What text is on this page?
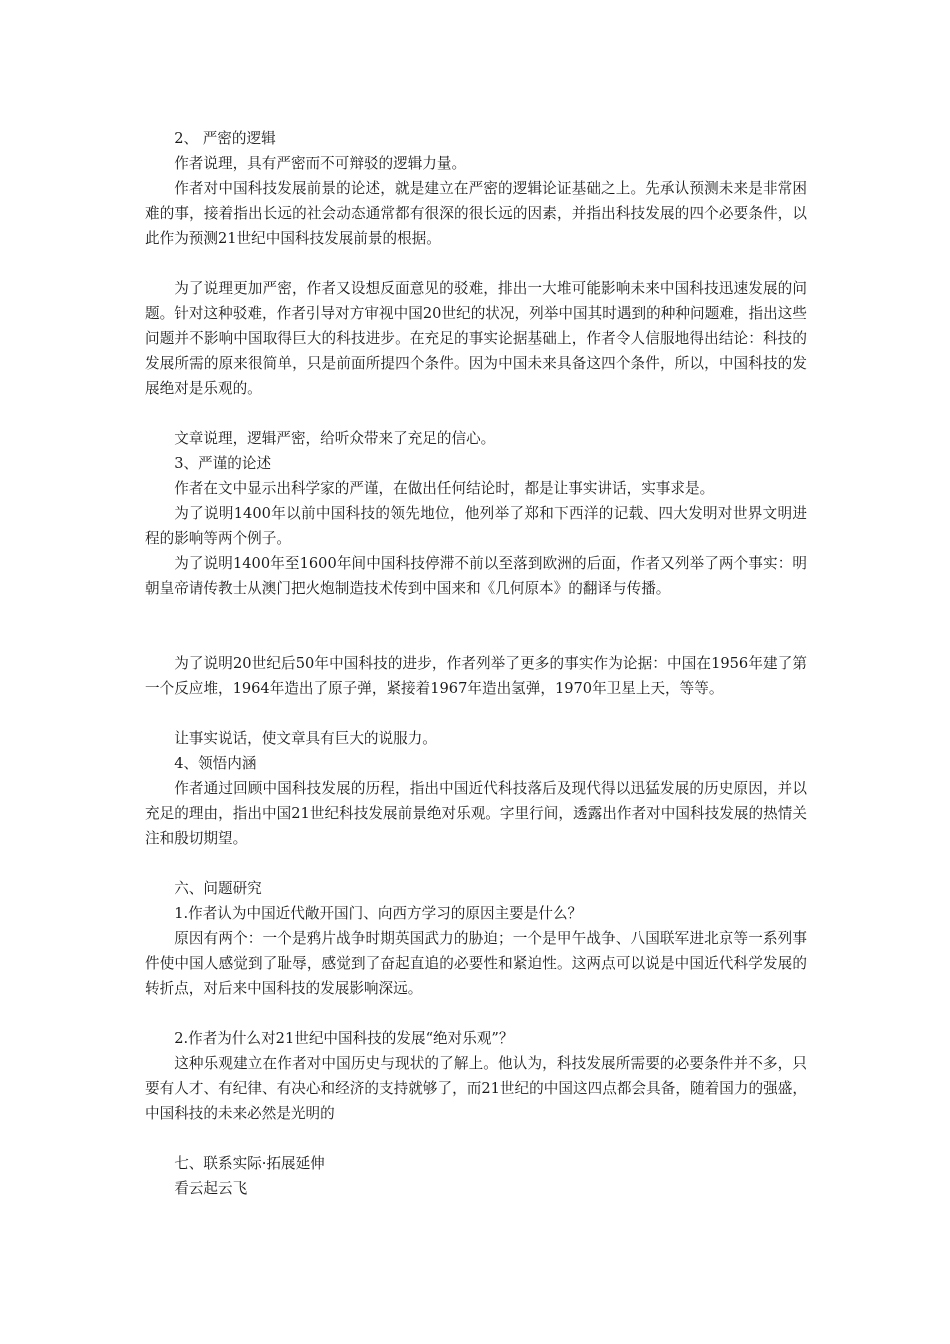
2、 严密的逻辑

作者说理，具有严密而不可辩驳的逻辑力量。

作者对中国科技发展前景的论述，就是建立在严密的逻辑论证基础之上。先承认预测未来是非常困难的事，接着指出长远的社会动态通常都有很深的很长远的因素，并指出科技发展的四个必要条件，以此作为预测21世纪中国科技发展前景的根据。

为了说理更加严密，作者又设想反面意见的驳难，排出一大堆可能影响未来中国科技迅速发展的问题。针对这种驳难，作者引导对方审视中国20世纪的状况，列举中国其时遇到的种种问题难，指出这些问题并不影响中国取得巨大的科技进步。在充足的事实论据基础上，作者令人信服地得出结论：科技的发展所需的原来很简单，只是前面所提四个条件。因为中国未来具备这四个条件，所以，中国科技的发展绝对是乐观的。

文章说理，逻辑严密，给听众带来了充足的信心。

3、严谨的论述

作者在文中显示出科学家的严谨，在做出任何结论时，都是让事实讲话，实事求是。

为了说明1400年以前中国科技的领先地位，他列举了郑和下西洋的记载、四大发明对世界文明进程的影响等两个例子。

为了说明1400年至1600年间中国科技停滞不前以至落到欧洲的后面，作者又列举了两个事实：明朝皇帝请传教士从澳门把火炮制造技术传到中国来和《几何原本》的翻译与传播。

为了说明20世纪后50年中国科技的进步，作者列举了更多的事实作为论据：中国在1956年建了第一个反应堆，1964年造出了原子弹，紧接着1967年造出氢弹，1970年卫星上天，等等。

让事实说话，使文章具有巨大的说服力。

4、领悟内涵

作者通过回顾中国科技发展的历程，指出中国近代科技落后及现代得以迅猛发展的历史原因，并以充足的理由，指出中国21世纪科技发展前景绝对乐观。字里行间，透露出作者对中国科技发展的热情关注和殷切期望。

六、问题研究

1.作者认为中国近代敞开国门、向西方学习的原因主要是什么？

原因有两个：一个是鸦片战争时期英国武力的胁迫；一个是甲午战争、八国联军进北京等一系列事件使中国人感觉到了耻辱，感觉到了奋起直追的必要性和紧迫性。这两点可以说是中国近代科学发展的转折点，对后来中国科技的发展影响深远。

2.作者为什么对21世纪中国科技的发展“绝对乐观”？

这种乐观建立在作者对中国历史与现状的了解上。他认为，科技发展所需要的必要条件并不多，只要有人才、有纪律、有决心和经济的支持就够了，而21世纪的中国这四点都会具备，随着国力的强盛，中国科技的未来必然是光明的

七、联系实际·拓展延伸

看云起云飞
